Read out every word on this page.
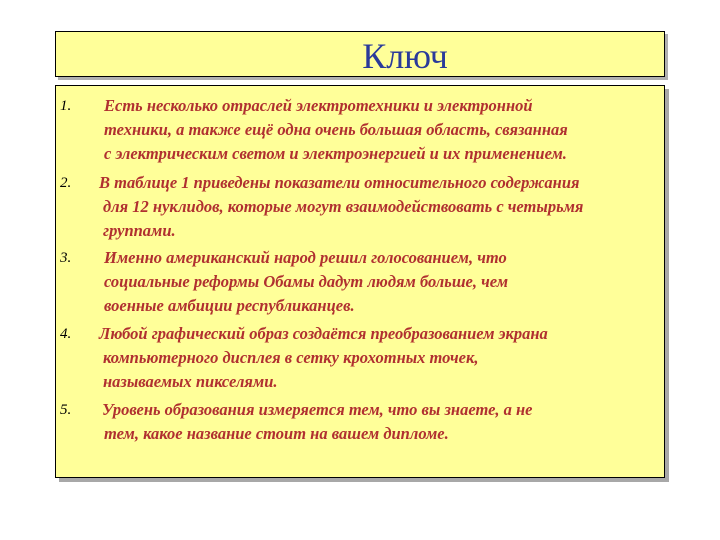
Ключ
1. Есть несколько отраслей электротехники и электронной
техники, а также ещё одна очень большая область, связанная
с электрическим светом и электроэнергией и их применением.
2. В таблице 1 приведены показатели относительного содержания
для 12 нуклидов, которые могут взаимодействовать с четырьмя
группами.
3. Именно американский народ решил голосованием, что
социальные реформы Обамы дадут людям больше, чем
военные амбиции республиканцев.
4. Любой графический образ создаётся преобразованием экрана
компьютерного дисплея в сетку крохотных точек,
называемых пикселями.
5. Уровень образования измеряется тем, что вы знаете, а не
тем, какое название стоит на вашем дипломе.
